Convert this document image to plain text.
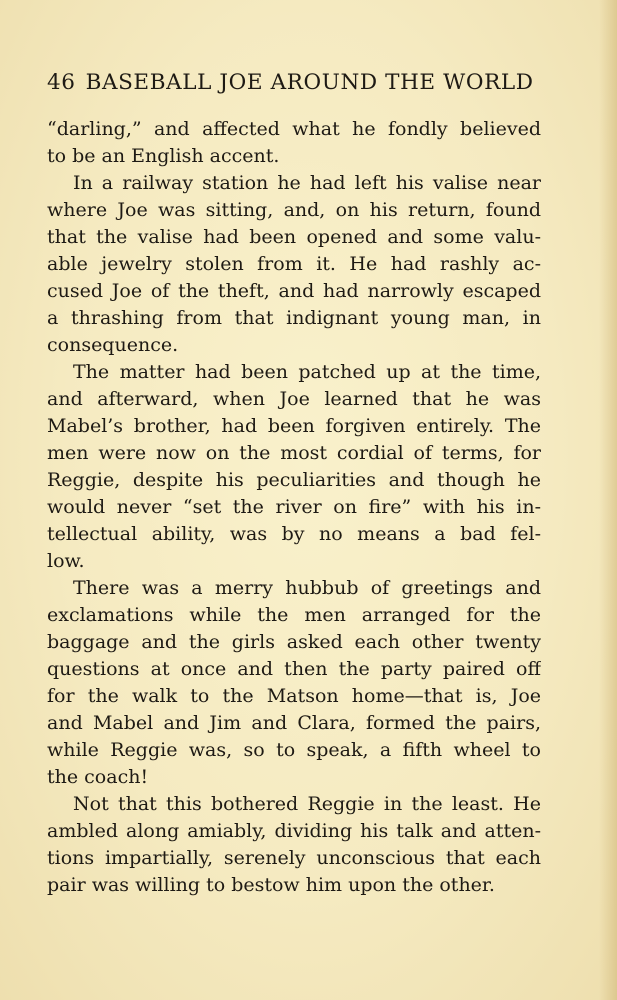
46 BASEBALL JOE AROUND THE WORLD
“darling,” and affected what he fondly believed
to be an English accent.
In a railway station he had left his valise near
where Joe was sitting, and, on his return, found
that the valise had been opened and some valu-
able jewelry stolen from it. He had rashly ac-
cused Joe of the theft, and had narrowly escaped
a thrashing from that indignant young man, in
consequence.
The matter had been patched up at the time,
and afterward, when Joe learned that he was
Mabel’s brother, had been forgiven entirely. The
men were now on the most cordial of terms, for
Reggie, despite his peculiarities and though he
would never “set the river on fire” with his in-
tellectual ability, was by no means a bad fel-
low.
There was a merry hubbub of greetings and
exclamations while the men arranged for the
baggage and the girls asked each other twenty
questions at once and then the party paired off
for the walk to the Matson home—that is, Joe
and Mabel and Jim and Clara, formed the pairs,
while Reggie was, so to speak, a fifth wheel to
the coach!
Not that this bothered Reggie in the least. He
ambled along amiably, dividing his talk and atten-
tions impartially, serenely unconscious that each
pair was willing to bestow him upon the other.
